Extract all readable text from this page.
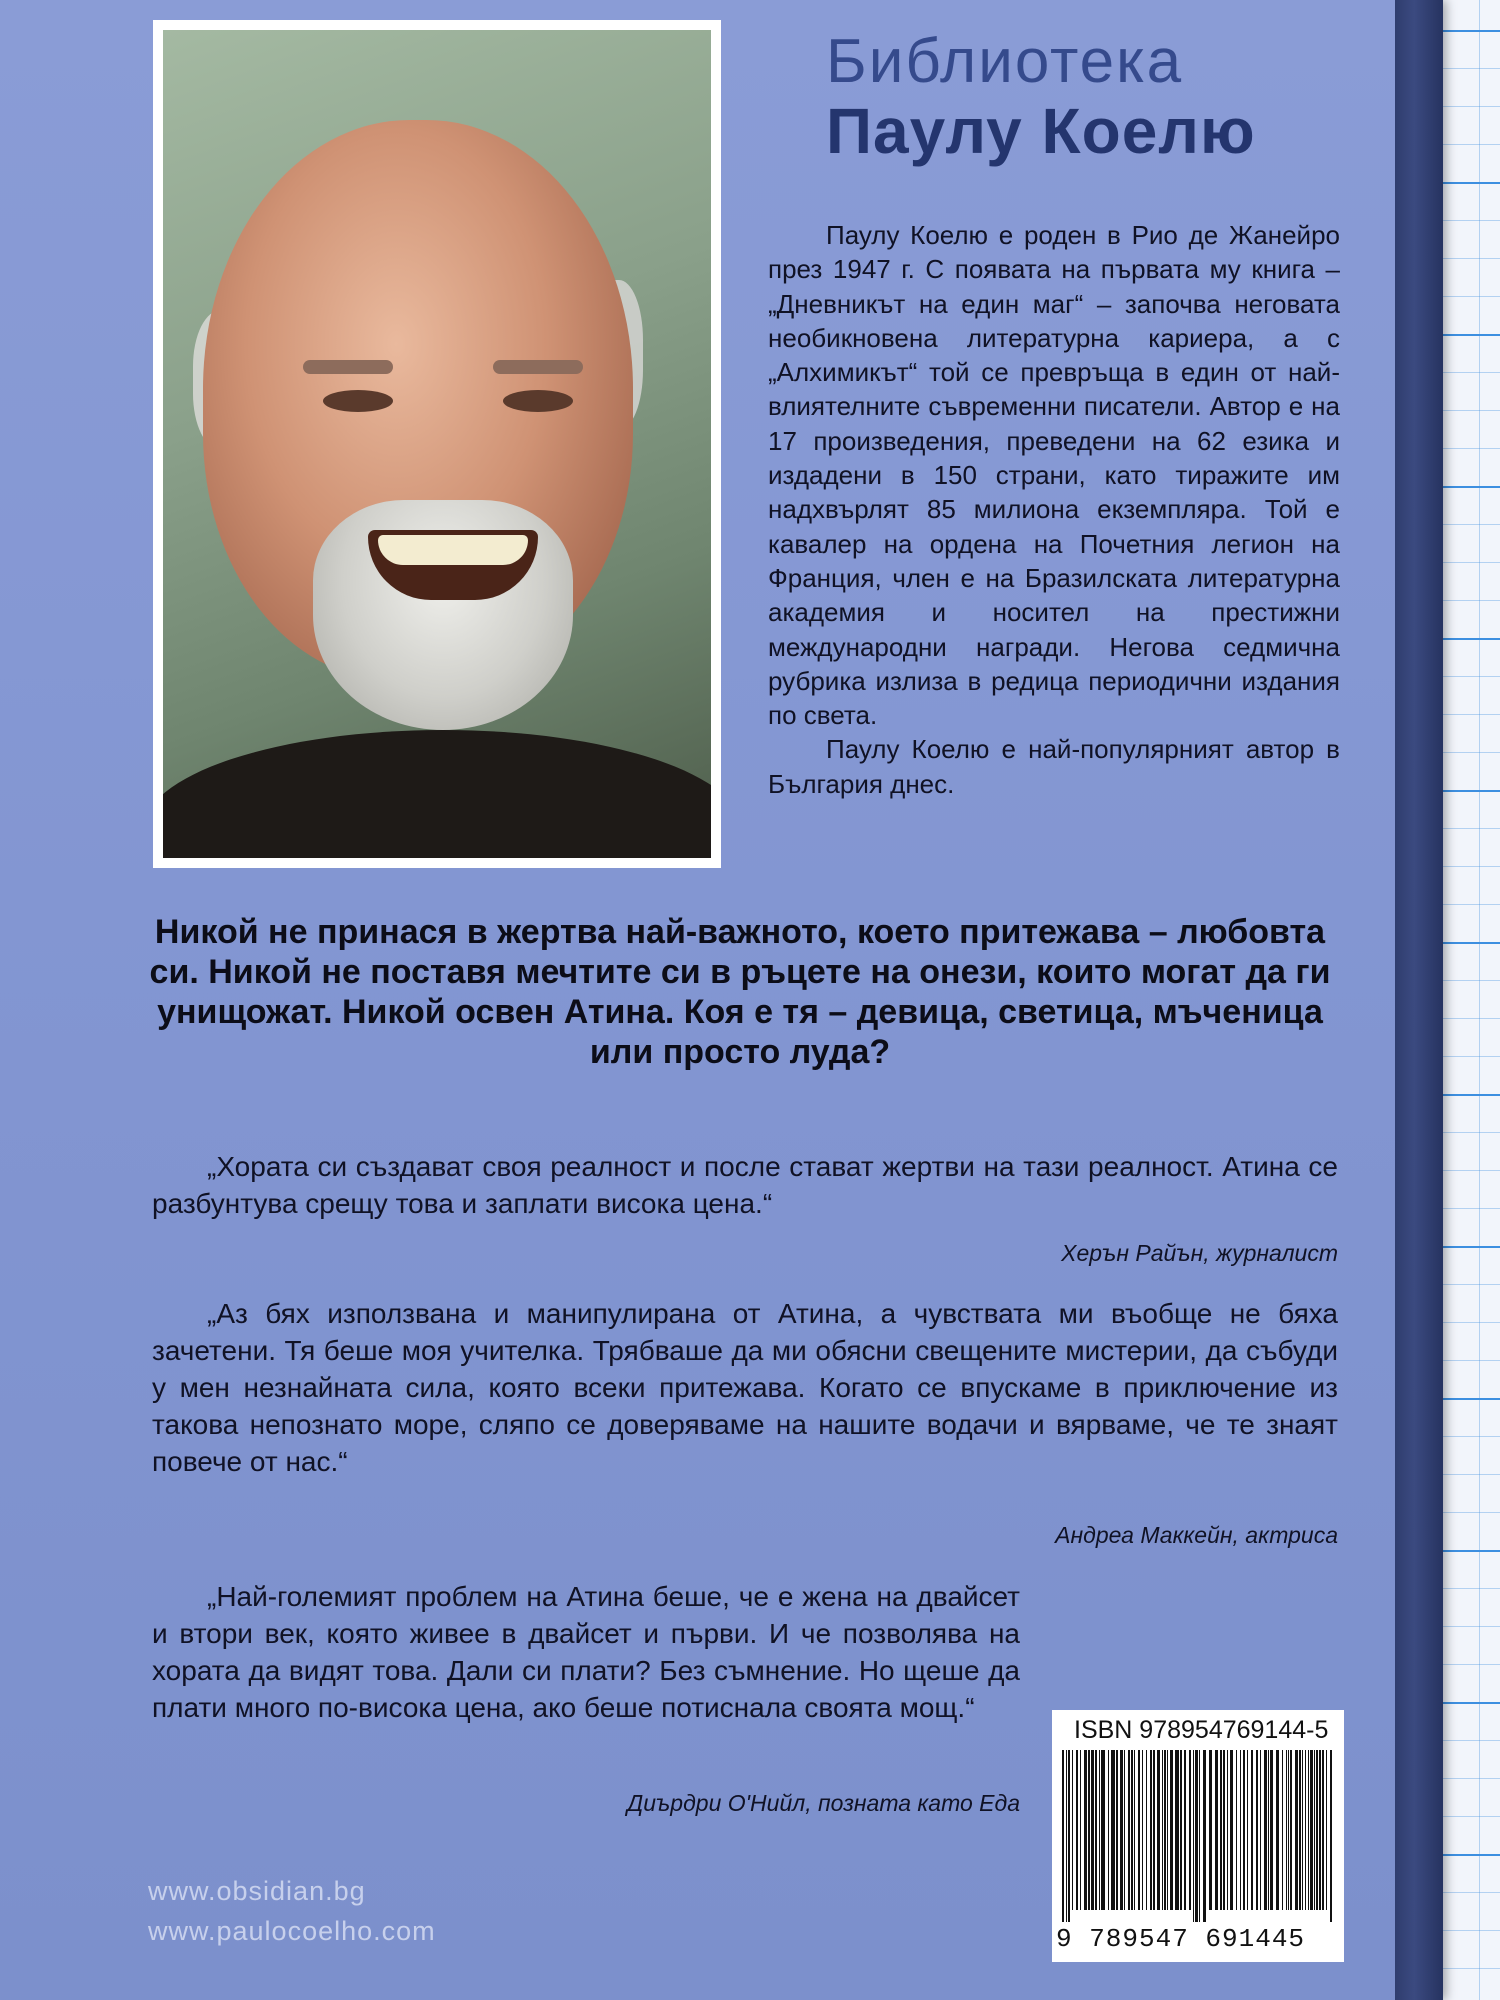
Библиотека
Паулу Коелю

Паулу Коелю е роден в Рио де Жанейро през 1947 г. С появата на първата му книга – „Дневникът на един маг“ – започва неговата необикновена литературна кариера, а с „Алхимикът“ той се превръща в един от най-влиятелните съвременни писатели. Автор е на 17 произведения, преведени на 62 езика и издадени в 150 страни, като тиражите им надхвърлят 85 милиона екземпляра. Той е кавалер на ордена на Почетния легион на Франция, член е на Бразилската литературна академия и носител на престижни международни награди. Негова седмична рубрика излиза в редица периодични издания по света.

Паулу Коелю е най-популярният автор в България днес.

Никой не принася в жертва най-важното, което притежава – любовта си. Никой не поставя мечтите си в ръцете на онези, които могат да ги унищожат. Никой освен Атина. Коя е тя – девица, светица, мъченица или просто луда?

„Хората си създават своя реалност и после стават жертви на тази реалност. Атина се разбунтува срещу това и заплати висока цена.“

Херън Райън, журналист

„Аз бях използвана и манипулирана от Атина, а чувствата ми въобще не бяха зачетени. Тя беше моя учителка. Трябваше да ми обясни свещените мистерии, да събуди у мен незнайната сила, която всеки притежава. Когато се впускаме в приключение из такова непознато море, сляпо се доверяваме на нашите водачи и вярваме, че те знаят повече от нас.“

Андреа Маккейн, актриса

„Най-големият проблем на Атина беше, че е жена на двайсет и втори век, която живее в двайсет и първи. И че позволява на хората да видят това. Дали си плати? Без съмнение. Но щеше да плати много по-висока цена, ако беше потиснала своята мощ.“

Диърдри О'Нийл, позната като Еда
ISBN 978954769144-5
9 789547 691445
www.obsidian.bg
www.paulocoelho.com
